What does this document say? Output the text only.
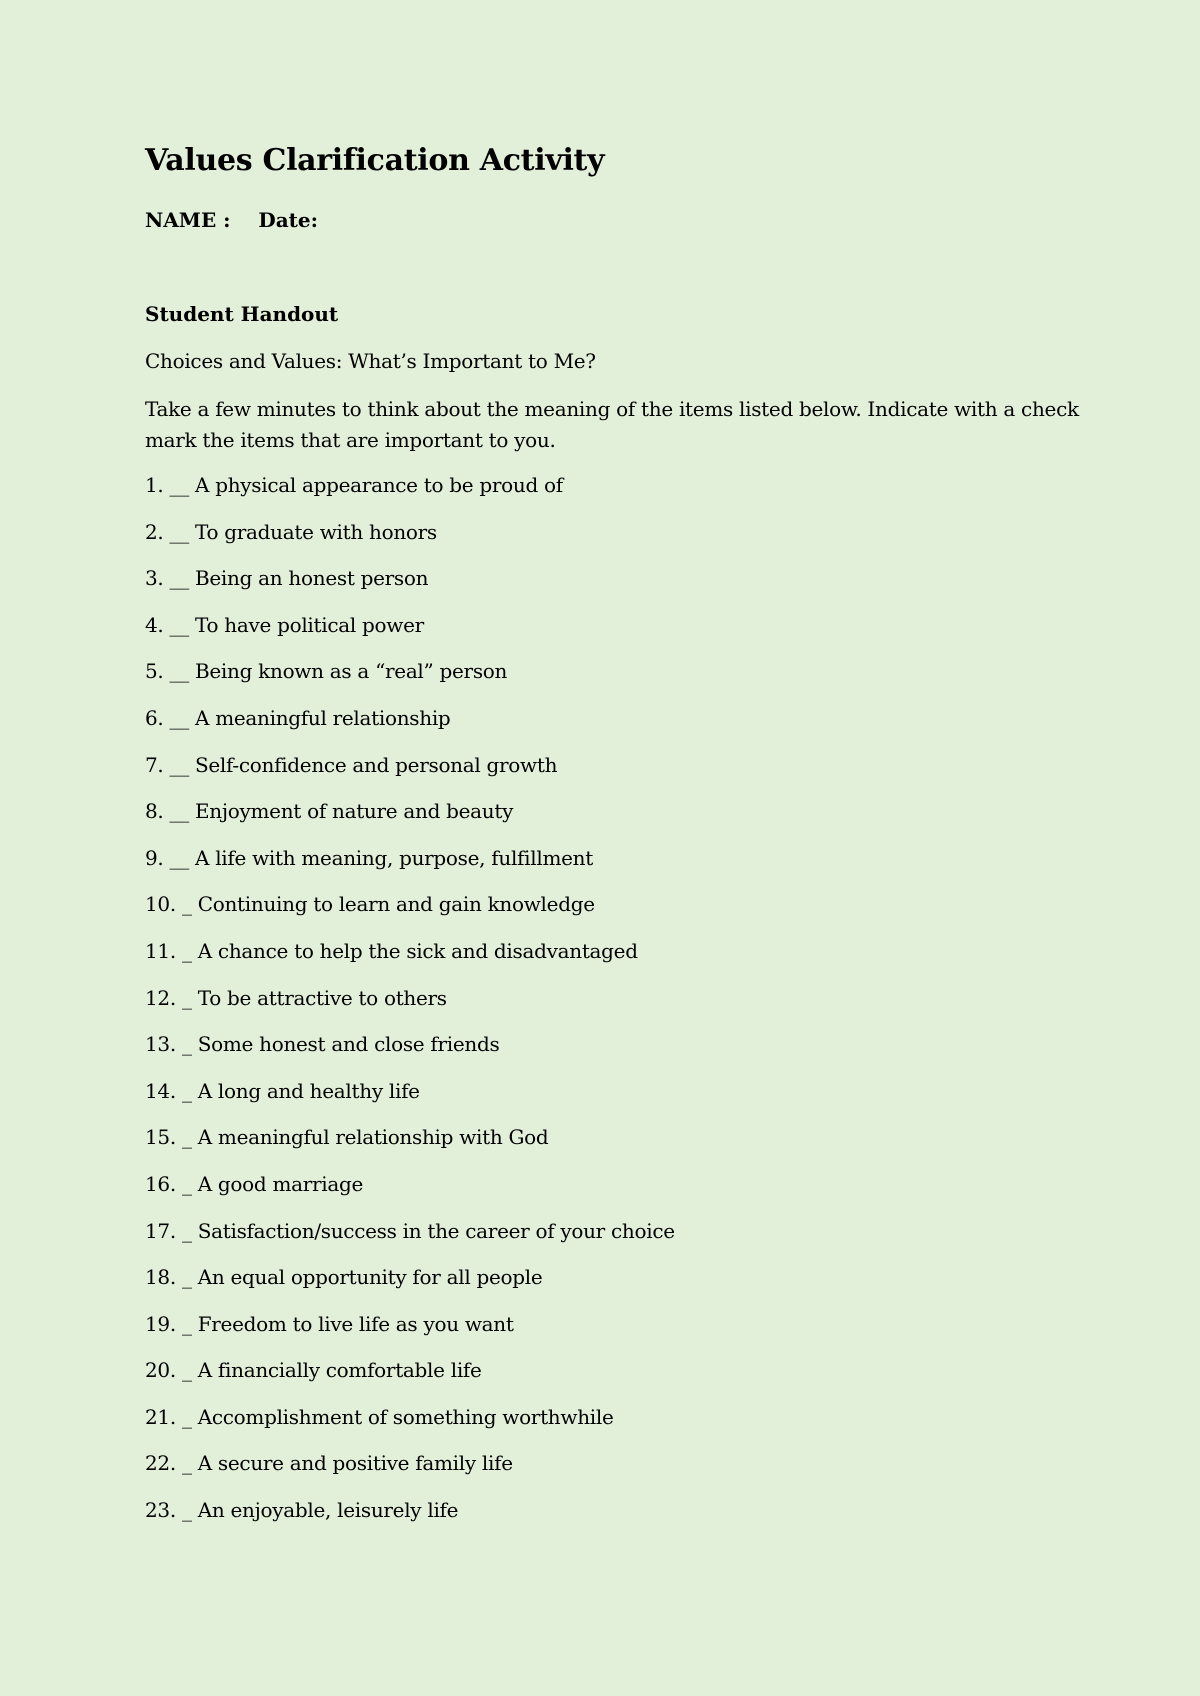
Values Clarification Activity
NAME :    Date:
Student Handout
Choices and Values: What’s Important to Me?
Take a few minutes to think about the meaning of the items listed below. Indicate with a check mark the items that are important to you.
1. __ A physical appearance to be proud of
2. __ To graduate with honors
3. __ Being an honest person
4. __ To have political power
5. __ Being known as a “real” person
6. __ A meaningful relationship
7. __ Self-confidence and personal growth
8. __ Enjoyment of nature and beauty
9. __ A life with meaning, purpose, fulfillment
10. _ Continuing to learn and gain knowledge
11. _ A chance to help the sick and disadvantaged
12. _ To be attractive to others
13. _ Some honest and close friends
14. _ A long and healthy life
15. _ A meaningful relationship with God
16. _ A good marriage
17. _ Satisfaction/success in the career of your choice
18. _ An equal opportunity for all people
19. _ Freedom to live life as you want
20. _ A financially comfortable life
21. _ Accomplishment of something worthwhile
22. _ A secure and positive family life
23. _ An enjoyable, leisurely life
